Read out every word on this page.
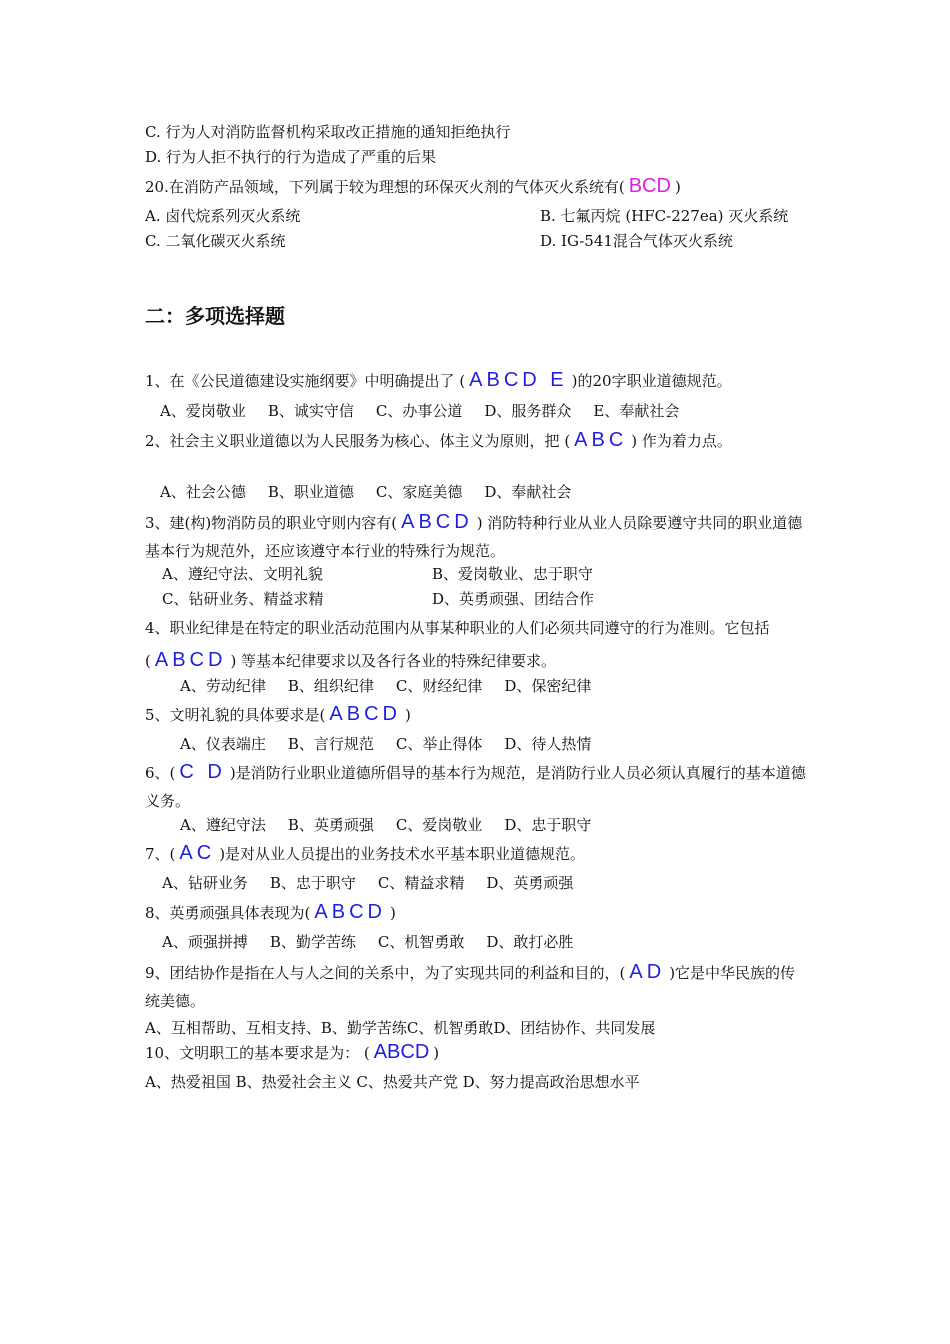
C. 行为人对消防监督机构采取改正措施的通知拒绝执行
D. 行为人拒不执行的行为造成了严重的后果
20.在消防产品领域，下列属于较为理想的环保灭火剂的气体灭火系统有( BCD )
A. 卤代烷系列灭火系统	B. 七氟丙烷 (HFC-227ea) 灭火系统
C. 二氧化碳灭火系统	D. IG-541混合气体灭火系统
二：多项选择题
1、在《公民道德建设实施纲要》中明确提出了 ( ABCD E )的20字职业道德规范。
A、爱岗敬业 B、诚实守信 C、办事公道 D、服务群众 E、奉献社会
2、社会主义职业道德以为人民服务为核心、体主义为原则，把 ( ABC ) 作为着力点。
A、社会公德 B、职业道德 C、家庭美德 D、奉献社会
3、建(构)物消防员的职业守则内容有( ABCD ) 消防特种行业从业人员除要遵守共同的职业道德基本行为规范外，还应该遵守本行业的特殊行为规范。
A、遵纪守法、文明礼貌	B、爱岗敬业、忠于职守
C、钻研业务、精益求精	D、英勇顽强、团结合作
4、职业纪律是在特定的职业活动范围内从事某种职业的人们必须共同遵守的行为准则。它包括 ( ABCD ) 等基本纪律要求以及各行各业的特殊纪律要求。
A、劳动纪律 B、组织纪律 C、财经纪律 D、保密纪律
5、文明礼貌的具体要求是( ABCD )
A、仪表端庄 B、言行规范 C、举止得体 D、待人热情
6、( C D )是消防行业职业道德所倡导的基本行为规范，是消防行业人员必须认真履行的基本道德义务。
A、遵纪守法 B、英勇顽强 C、爱岗敬业 D、忠于职守
7、( AC )是对从业人员提出的业务技术水平基本职业道德规范。
A、钻研业务 B、忠于职守 C、精益求精 D、英勇顽强
8、英勇顽强具体表现为( ABCD )
A、顽强拼搏 B、勤学苦练 C、机智勇敢 D、敢打必胜
9、团结协作是指在人与人之间的关系中，为了实现共同的利益和目的，( AD )它是中华民族的传统美德。
A、互相帮助、互相支持、B、勤学苦练C、机智勇敢D、团结协作、共同发展
10、文明职工的基本要求是为： ( ABCD )
A、热爱祖国 B、热爱社会主义 C、热爱共产党 D、努力提高政治思想水平
